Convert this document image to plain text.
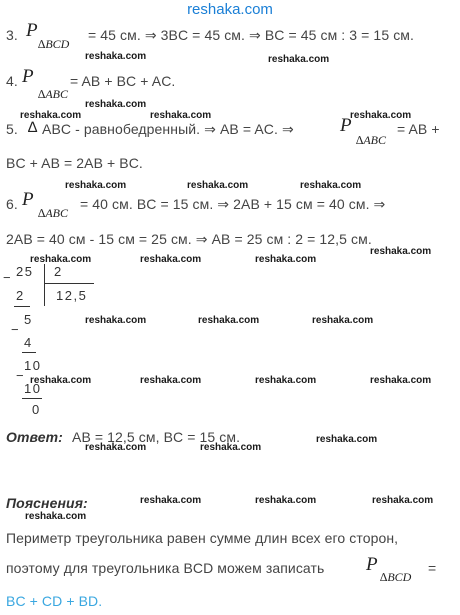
reshaka.com
3. P
∆BCD
= 45 см. ⇒ 3BC = 45 см. ⇒ BC = 45 см : 3 = 15 см.
4. P
∆ABC
= AB + BC + AC.
5. ∆ ABC - равнобедренный. ⇒ AB = AC. ⇒ P
∆ABC
= AB +
BC + AB = 2AB + BC.
6. P
∆ABC
= 40 см. BC = 15 см. ⇒ 2AB + 15 см = 40 см. ⇒
2AB = 40 см - 15 см = 25 см. ⇒ AB = 25 см : 2 = 12,5 см.
− 25 2
12,5
2
−
5
4
−
10
10
0
Ответ: AB = 12,5 см, BC = 15 см.
Пояснения:
Периметр треугольника равен сумме длин всех его сторон,
поэтому для треугольника BCD можем записать P
∆BCD
=
BC + CD + BD.
reshaka.com	reshaka.com
reshaka.com
reshaka.com	reshaka.com	reshaka.com
reshaka.com	reshaka.com	reshaka.com
reshaka.com
reshaka.com	reshaka.com	reshaka.com
reshaka.com	reshaka.com	reshaka.com
reshaka.com	reshaka.com	reshaka.com	reshaka.com
reshaka.com
reshaka.com	reshaka.com
reshaka.com	reshaka.com	reshaka.com
reshaka.com
